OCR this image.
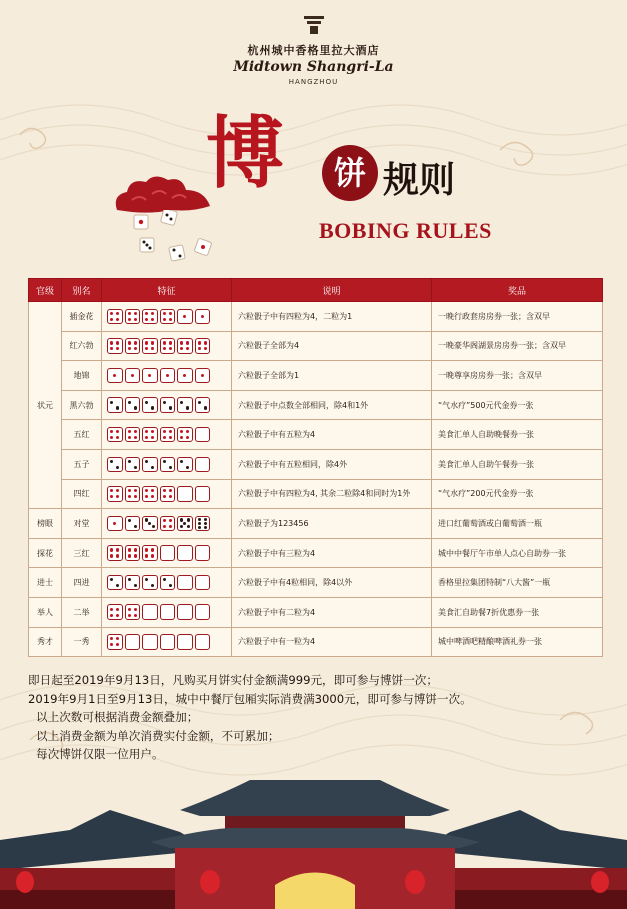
杭州城中香格里拉大酒店
Midtown Shangri-La
HANGZHOU
博	饼 规则
BOBING RULES
官级	别名	特征	说明	奖品
状元	插金花		六粒骰子中有四粒为4，二粒为1	一晚行政套房房券一张；含双早
	红六勃		六粒骰子全部为4	一晚豪华阁湖景房房券一张；含双早
	地锦		六粒骰子全部为1	一晚尊享房房券一张；含双早
	黑六勃		六粒骰子中点数全部相同，除4和1外	“气水疗”500元代金券一张
	五红		六粒骰子中有五粒为4	美食汇单人自助晚餐券一张
	五子		六粒骰子中有五粒相同，除4外	美食汇单人自助午餐券一张
	四红		六粒骰子中有四粒为4, 其余二粒除4和同时为1外	“气水疗”200元代金券一张
榜眼	对堂		六粒骰子为123456	进口红葡萄酒或白葡萄酒一瓶
探花	三红		六粒骰子中有三粒为4	城中中餐厅午市单人点心自助券一张
进士	四进		六粒骰子中有4粒相同，除4以外	香格里拉集团特制“八大酱”一瓶
举人	二举		六粒骰子中有二粒为4	美食汇自助餐7折优惠券一张
秀才	一秀		六粒骰子中有一粒为4	城中啤酒吧精酿啤酒礼券一张
即日起至2019年9月13日，凡购买月饼实付金额满999元，即可参与博饼一次；
2019年9月1日至9月13日，城中中餐厅包厢实际消费满3000元，即可参与博饼一次。
以上次数可根据消费金额叠加；
以上消费金额为单次消费实付金额，不可累加；
每次博饼仅限一位用户。
